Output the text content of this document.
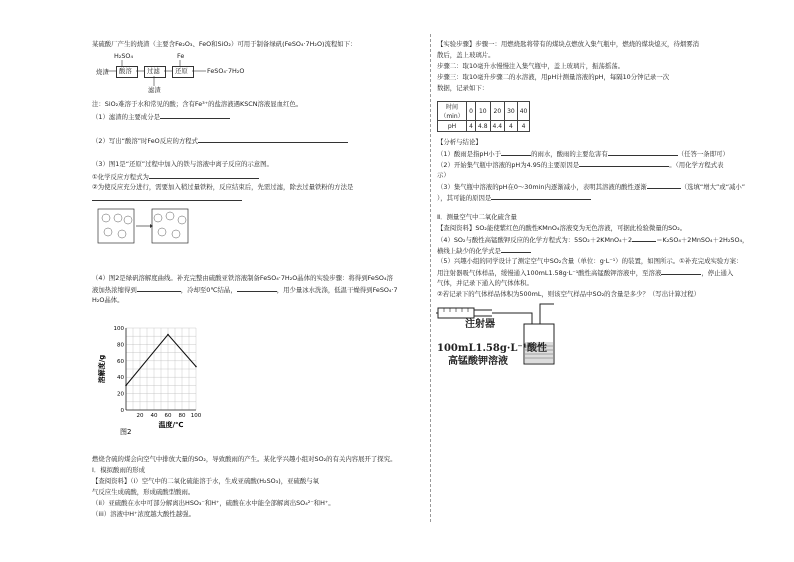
某硫酸厂产生的烧渣（主要含Fe₂O₃、FeO和SiO₂）可用于制备绿矾(FeSO₄·7H₂O)流程如下：
H₂SO₄	Fe
烧渣 酸溶 过滤 还原	FeSO₄·7H₂O
滤渣
注：SiO₂难溶于水和常见的酸；含有Fe³⁺的盐溶液遇KSCN溶液显血红色。
（1）滤渣的主要成分是
（2）写出“酸溶”时FeO反应的方程式
（3）图1是“还原”过程中加入的铁与溶液中离子反应的示意图。
①化学反应方程式为
②为使反应充分进行，需要加入稍过量铁粉，反应结束后，先需过滤，除去过量铁粉的方法是
（4）图2是绿矾溶解度曲线。补充完整由硫酸亚铁溶液制备FeSO₄·7H₂O晶体的实验步骤：将得到FeSO₄溶
液加热浓缩得到	，冷却至0℃结晶，	，用少量冰水洗涤，低温干燥得到FeSO₄·7
H₂O晶体。
100
80
60
40
20
0
20 40 60 80 100
溶解度/g
温度/℃
图2
燃烧含硫的煤会向空气中排放大量的SO₂，导致酸雨的产生。某化学兴趣小组对SO₂的有关内容展开了探究。
Ⅰ．模拟酸雨的形成
【查阅资料】（i）空气中的二氧化硫能溶于水，生成亚硫酸(H₂SO₃)，亚硫酸与氧
气反应生成硫酸，形成硫酸型酸雨。
（ii）亚硫酸在水中可部分解离出HSO₃⁻和H⁺，硫酸在水中能全部解离出SO₄²⁻和H⁺。
（iii）溶液中H⁺浓度越大酸性越强。
【实验步骤】步骤一：用燃烧匙将带有的煤块点燃放入集气瓶中，燃烧的煤块熄灭，待烟雾消
散后，盖上玻璃片。
步骤二：取10毫升水慢慢注入集气瓶中，盖上玻璃片，振荡摇荡。
步骤三：取10毫升步骤二的水溶液，用pH计测量溶液的pH，每隔10分钟记录一次
数据，记录如下：
时间（min）	0	10	20	30	40
pH	4	4.8	4.4	4	4
【分析与结论】
（1）酸雨是指pH小于	的雨水，酸雨的主要危害有	（任答一条即可）
（2）开始集气瓶中溶液的pH为4.95的主要原因是	。（用化学方程式表
示）
（3）集气瓶中溶液的pH在0～30min内逐渐减小，表明其溶液的酸性逐渐	（选填“增大”或“减小”
），其可能的原因是
Ⅱ．测量空气中二氧化硫含量
【查阅资料】SO₂能使紫红色的酸性KMnO₄溶液变为无色溶液，可据此检验微量的SO₂。
（4）SO₂与酸性高锰酸钾反应的化学方程式为：5SO₂＋2KMnO₄＋2	＝K₂SO₄＋2MnSO₄＋2H₂SO₄，
横线上缺少的化学式是
（5）兴趣小组的同学设计了测定空气中SO₂含量（单位：g·L⁻¹）的装置，如图所示。①补充完成实验方案：
用注射器吸气体样品，缓慢通入100mL1.58g·L⁻¹酸性高锰酸钾溶液中，至溶液	，停止通入
气体，并记录下通入的气体体积。
②若记录下的气体样品体积为500mL，则该空气样品中SO₂的含量是多少？（写出计算过程）
注射器
100mL1.58g·L⁻¹酸性
高锰酸钾溶液
